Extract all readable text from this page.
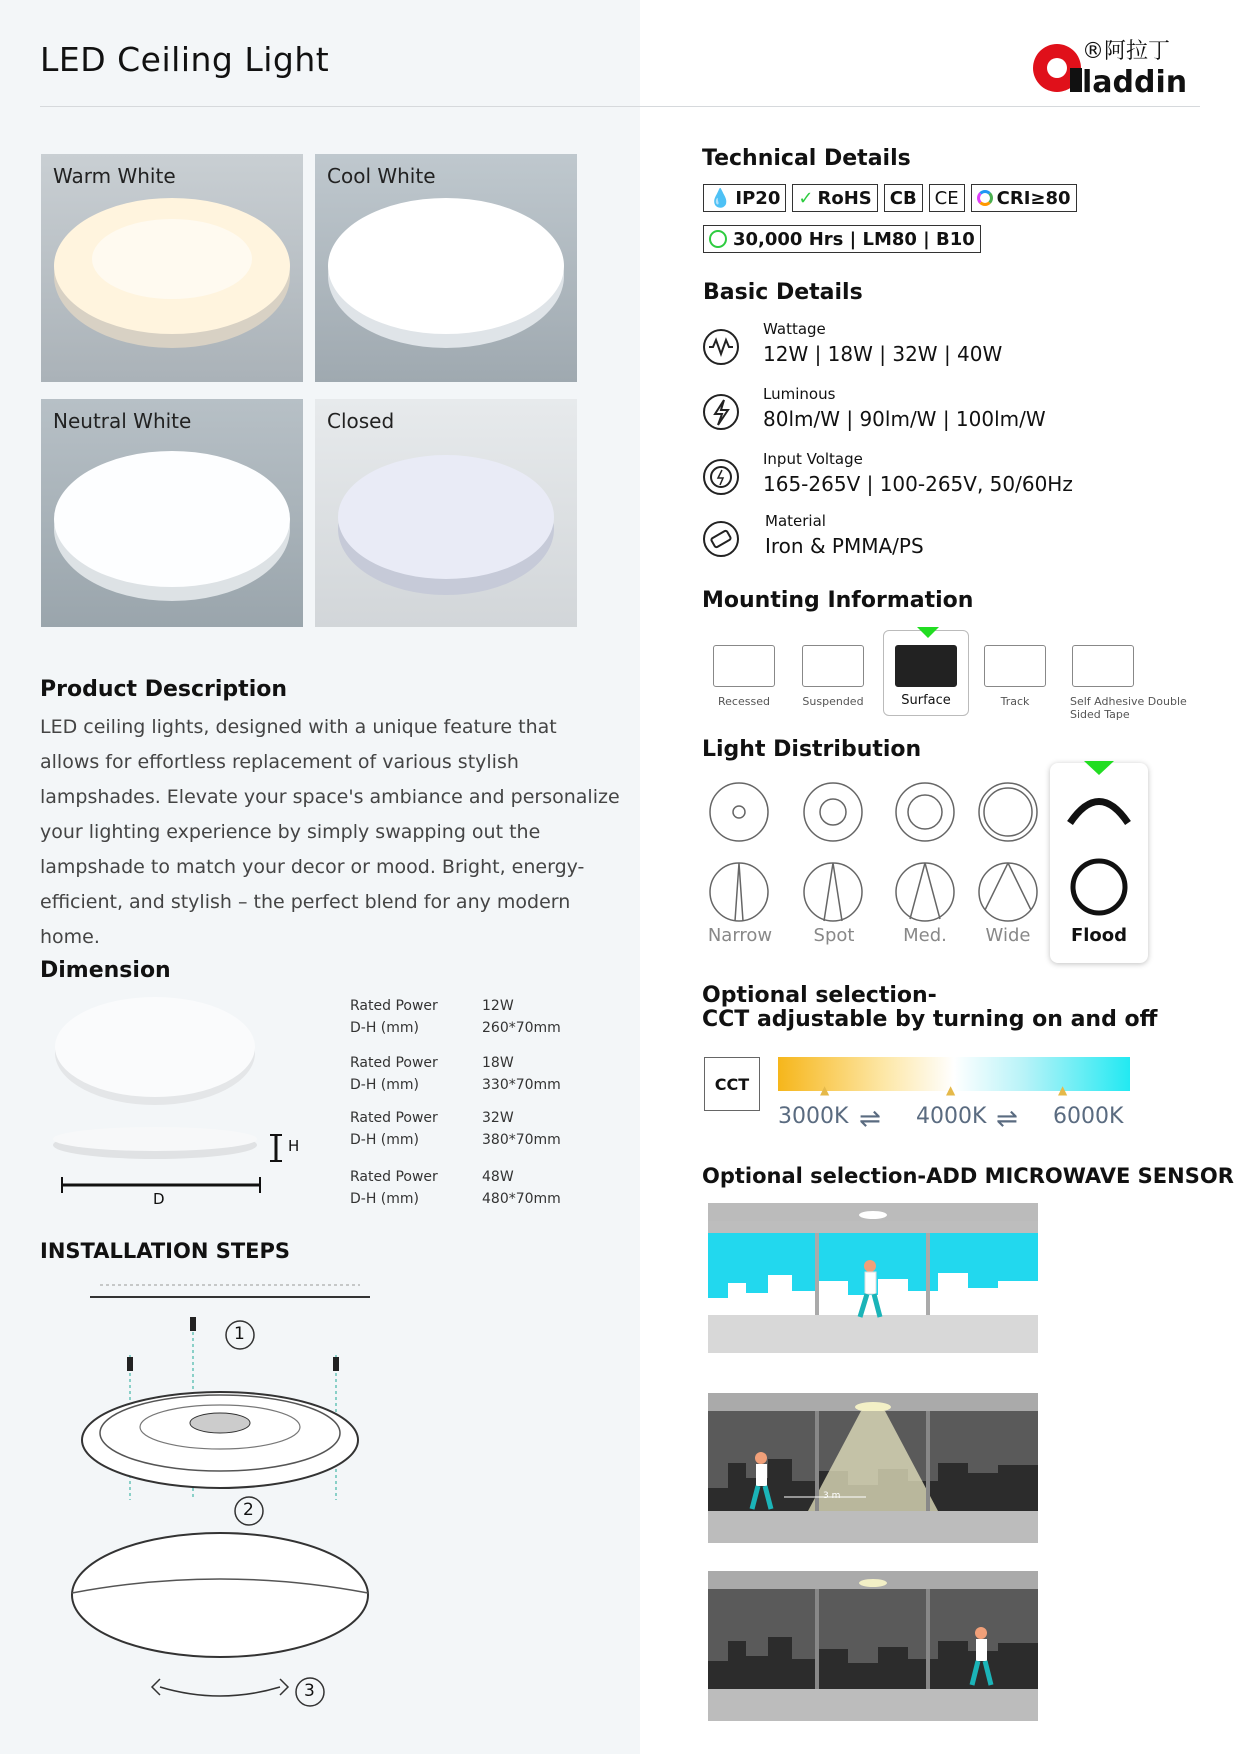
LED Ceiling Light	®阿拉丁
laddin
Warm White	Cool White
Neutral White	Closed
Product Description

LED ceiling lights, designed with a unique feature that allows for effortless replacement of various stylish lampshades. Elevate your space's ambiance and personalize your lighting experience by simply swapping out the lampshade to match your decor or mood. Bright, energy-efficient, and stylish – the perfect blend for any modern home.

Dimension
H
D
Rated Power	12W
D-H (mm)	260*70mm
Rated Power	18W
D-H (mm)	330*70mm
Rated Power	32W
D-H (mm)	380*70mm
Rated Power	48W
D-H (mm)	480*70mm
INSTALLATION STEPS
1
2
3
Technical Details
💧 IP20 ✓ RoHS CB CE CRI≥80
30,000 Hrs | LM80 | B10
Basic Details
Wattage
12W | 18W | 32W | 40W
Luminous
80lm/W | 90lm/W | 100lm/W
Input Voltage
165-265V | 100-265V, 50/60Hz
Material
Iron & PMMA/PS
Mounting Information
Recessed	Suspended	Surface	Track	Self Adhesive Double Sided Tape
Light Distribution
Narrow	Spot	Med.	Wide	Flood
Optional selection-
CCT adjustable by turning on and off
CCT	▲	▲	▲
3000K ⇌ 4000K ⇌ 6000K
Optional selection-ADD MICROWAVE SENSOR
3 m
